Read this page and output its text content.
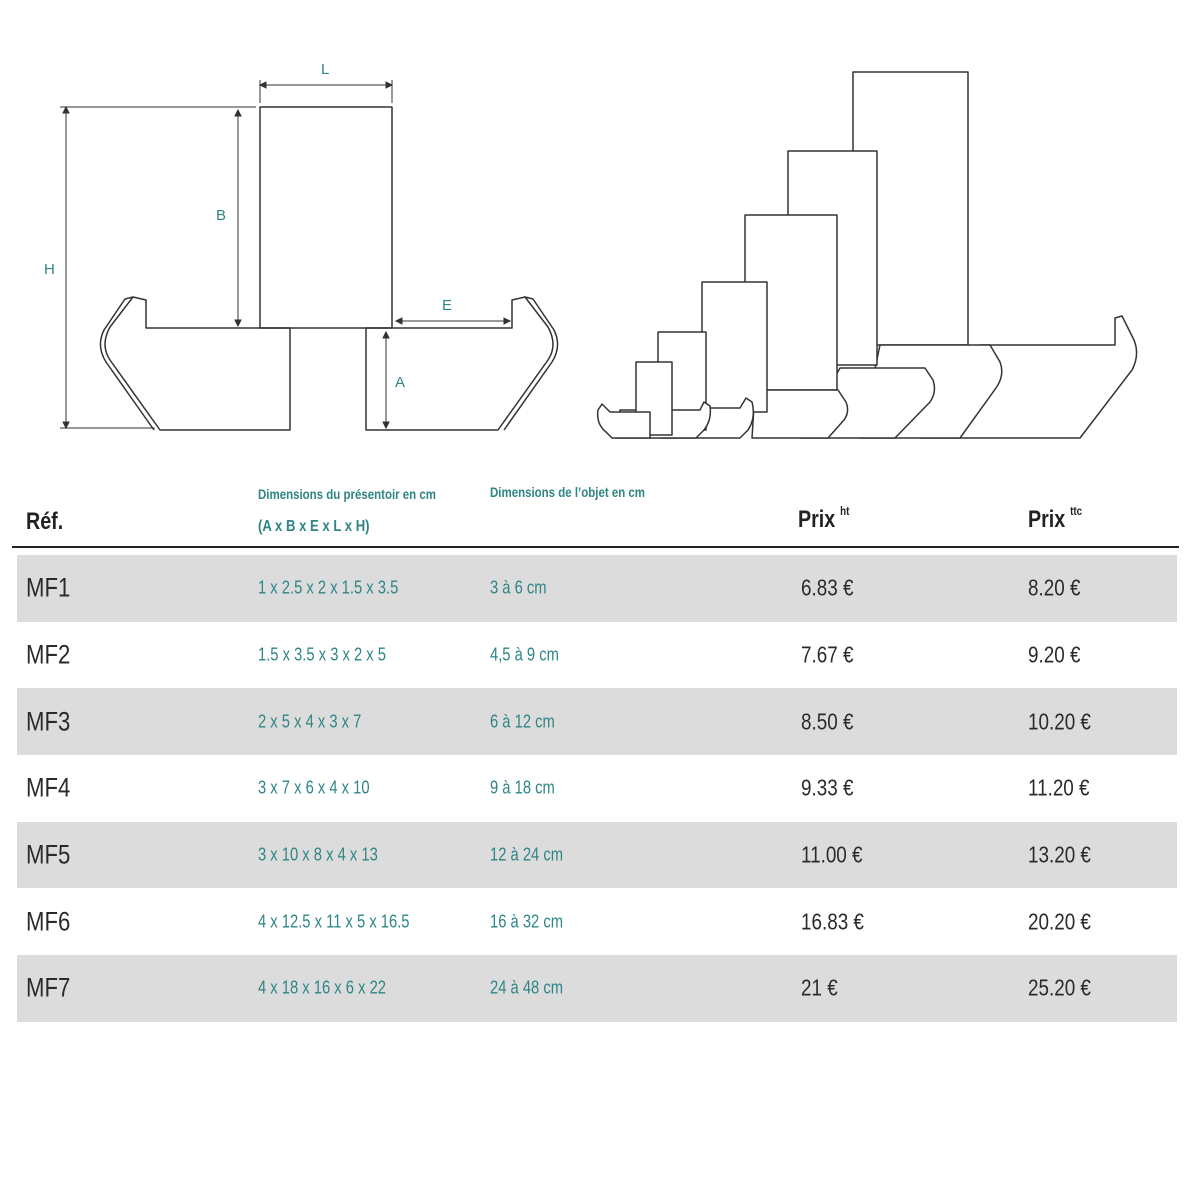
L
H
B
E
A
Réf.
Dimensions du présentoir en cm
(A x B x E x L x H)
Dimensions de l’objet en cm
Prix $^{ht}$	Prix $^{ttc}$
MF1	1 x 2.5 x 2 x 1.5 x 3.5	3 à 6 cm	6.83 €	8.20 €
MF2	1.5 x 3.5 x 3 x 2 x 5	4,5 à 9 cm	7.67 €	9.20 €
MF3	2 x 5 x 4 x 3 x 7	6 à 12 cm	8.50 €	10.20 €
MF4	3 x 7 x 6 x 4 x 10	9 à 18 cm	9.33 €	11.20 €
MF5	3 x 10 x 8 x 4 x 13	12 à 24 cm	11.00 €	13.20 €
MF6	4 x 12.5 x 11 x 5 x 16.5	16 à 32 cm	16.83 €	20.20 €
MF7	4 x 18 x 16 x 6 x 22	24 à 48 cm	21 €	25.20 €
